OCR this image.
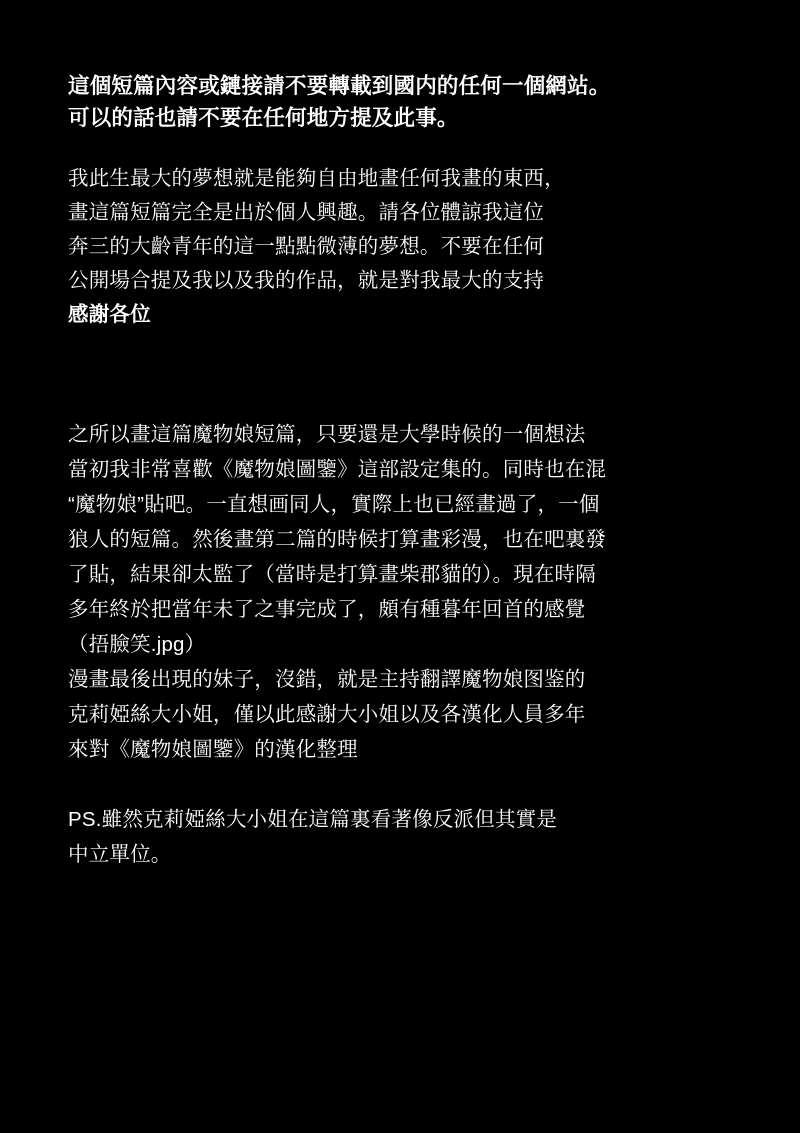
這個短篇內容或鏈接請不要轉載到國内的任何一個網站。
可以的話也請不要在任何地方提及此事。
我此生最大的夢想就是能夠自由地畫任何我畫的東西，
畫這篇短篇完全是出於個人興趣。請各位體諒我這位
奔三的大齡青年的這一點點微薄的夢想。不要在任何
公開場合提及我以及我的作品，就是對我最大的支持
感謝各位
之所以畫這篇魔物娘短篇，只要還是大學時候的一個想法
當初我非常喜歡《魔物娘圖鑒》這部設定集的。同時也在混
“魔物娘”貼吧。一直想画同人，實際上也已經畫過了，一個
狼人的短篇。然後畫第二篇的時候打算畫彩漫，也在吧裏發
了貼，結果卻太監了（當時是打算畫柴郡貓的）。現在時隔
多年終於把當年未了之事完成了，頗有種暮年回首的感覺
（捂臉笑.jpg）
漫畫最後出現的妹子，沒錯，就是主持翻譯魔物娘图鉴的
克莉婭絲大小姐，僅以此感謝大小姐以及各漢化人員多年
來對《魔物娘圖鑒》的漢化整理
PS.雖然克莉婭絲大小姐在這篇裏看著像反派但其實是
中立單位。
